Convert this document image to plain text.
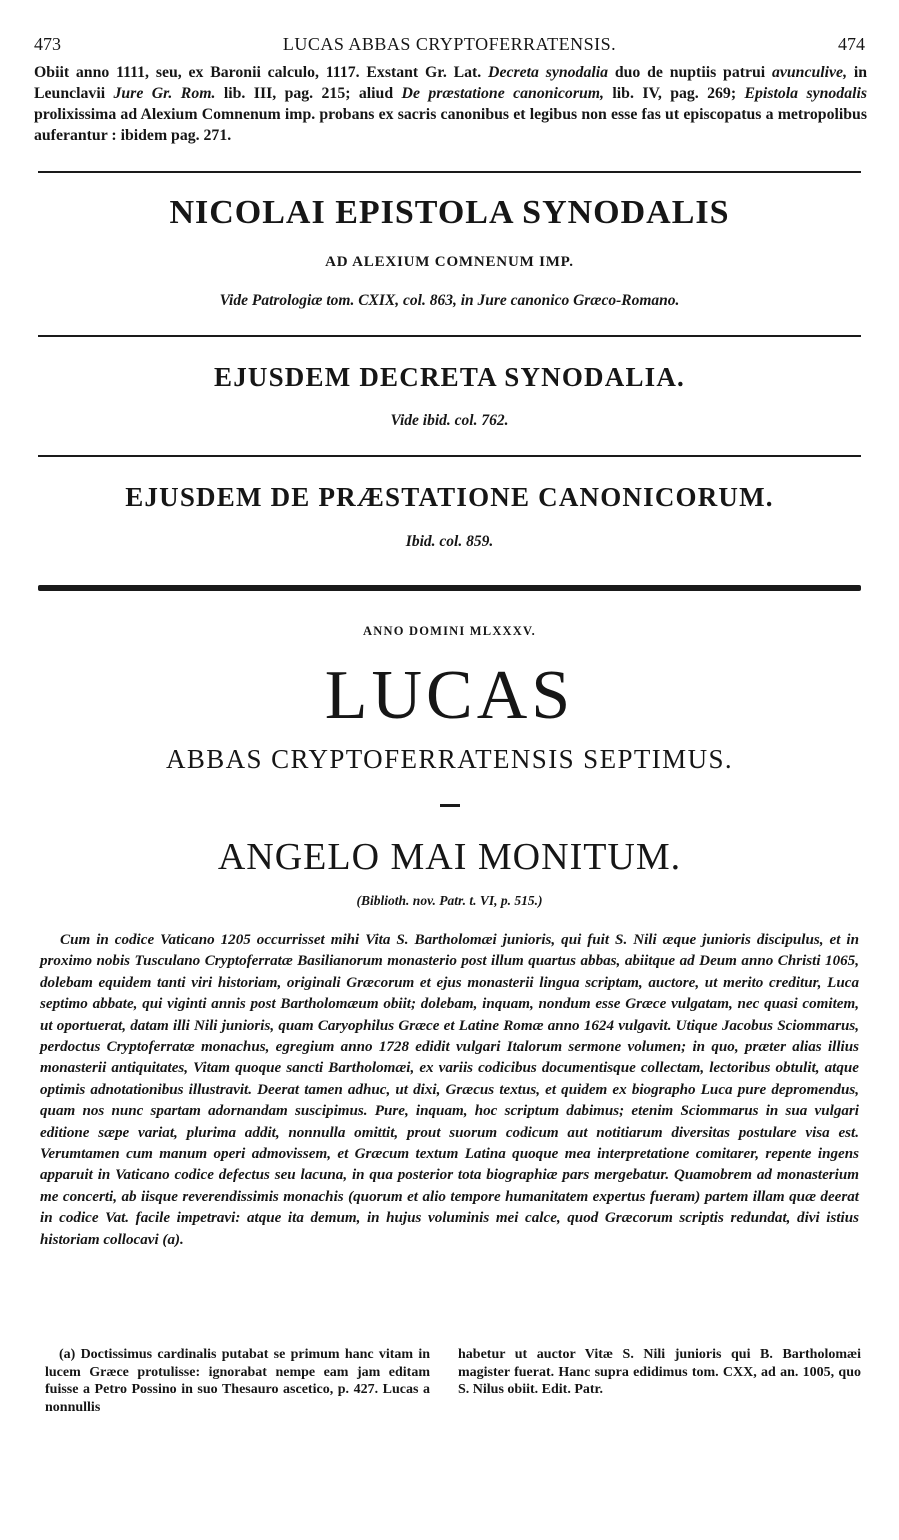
473	LUCAS ABBAS CRYPTOFERRATENSIS.	474
Obiit anno 1111, seu, ex Baronii calculo, 1117. Exstant Gr. Lat. Decreta synodalia duo de nuptiis patrui avunculive, in Leunclavii Jure Gr. Rom. lib. III, pag. 215; aliud De præstatione canonicorum, lib. IV, pag. 269; Epistola synodalis prolixissima ad Alexium Comnenum imp. probans ex sacris canonibus et legibus non esse fas ut episcopatus a metropolibus auferantur : ibidem pag. 271.
NICOLAI EPISTOLA SYNODALIS
AD ALEXIUM COMNENUM IMP.
Vide Patrologiæ tom. CXIX, col. 863, in Jure canonico Græco-Romano.
EJUSDEM DECRETA SYNODALIA.
Vide ibid. col. 762.
EJUSDEM DE PRÆSTATIONE CANONICORUM.
Ibid. col. 859.
ANNO DOMINI MLXXXV.
LUCAS
ABBAS CRYPTOFERRATENSIS SEPTIMUS.
ANGELO MAI MONITUM.
(Biblioth. nov. Patr. t. VI, p. 515.)

Cum in codice Vaticano 1205 occurrisset mihi Vita S. Bartholomæi junioris, qui fuit S. Nili æque junioris discipulus, et in proximo nobis Tusculano Cryptoferratæ Basilianorum monasterio post illum quartus abbas, abiitque ad Deum anno Christi 1065, dolebam equidem tanti viri historiam, originali Græcorum et ejus monasterii lingua scriptam, auctore, ut merito creditur, Luca septimo abbate, qui viginti annis post Bartholomæum obiit; dolebam, inquam, nondum esse Græce vulgatam, nec quasi comitem, ut oportuerat, datam illi Nili junioris, quam Caryophilus Græce et Latine Romæ anno 1624 vulgavit. Utique Jacobus Sciommarus, perdoctus Cryptoferratæ monachus, egregium anno 1728 edidit vulgari Italorum sermone volumen; in quo, præter alias illius monasterii antiquitates, Vitam quoque sancti Bartholomæi, ex variis codicibus documentisque collectam, lectoribus obtulit, atque optimis adnotationibus illustravit. Deerat tamen adhuc, ut dixi, Græcus textus, et quidem ex biographo Luca pure depromendus, quam nos nunc spartam adornandam suscipimus. Pure, inquam, hoc scriptum dabimus; etenim Sciommarus in sua vulgari editione sæpe variat, plurima addit, nonnulla omittit, prout suorum codicum aut notitiarum diversitas postulare visa est. Verumtamen cum manum operi admovissem, et Græcum textum Latina quoque mea interpretatione comitarer, repente ingens apparuit in Vaticano codice defectus seu lacuna, in qua posterior tota biographiæ pars mergebatur. Quamobrem ad monasterium me concerti, ab iisque reverendissimis monachis (quorum et alio tempore humanitatem expertus fueram) partem illam quæ deerat in codice Vat. facile impetravi: atque ita demum, in hujus voluminis mei calce, quod Græcorum scriptis redundat, divi istius historiam collocavi (a).

(a) Doctissimus cardinalis putabat se primum hanc vitam in lucem Græce protulisse: ignorabat nempe eam jam editam fuisse a Petro Possino in suo Thesauro ascetico, p. 427. Lucas a nonnullis

habetur ut auctor Vitæ S. Nili junioris qui B. Bartholomæi magister fuerat. Hanc supra edidimus tom. CXX, ad an. 1005, quo S. Nilus obiit. Edit. Patr.
